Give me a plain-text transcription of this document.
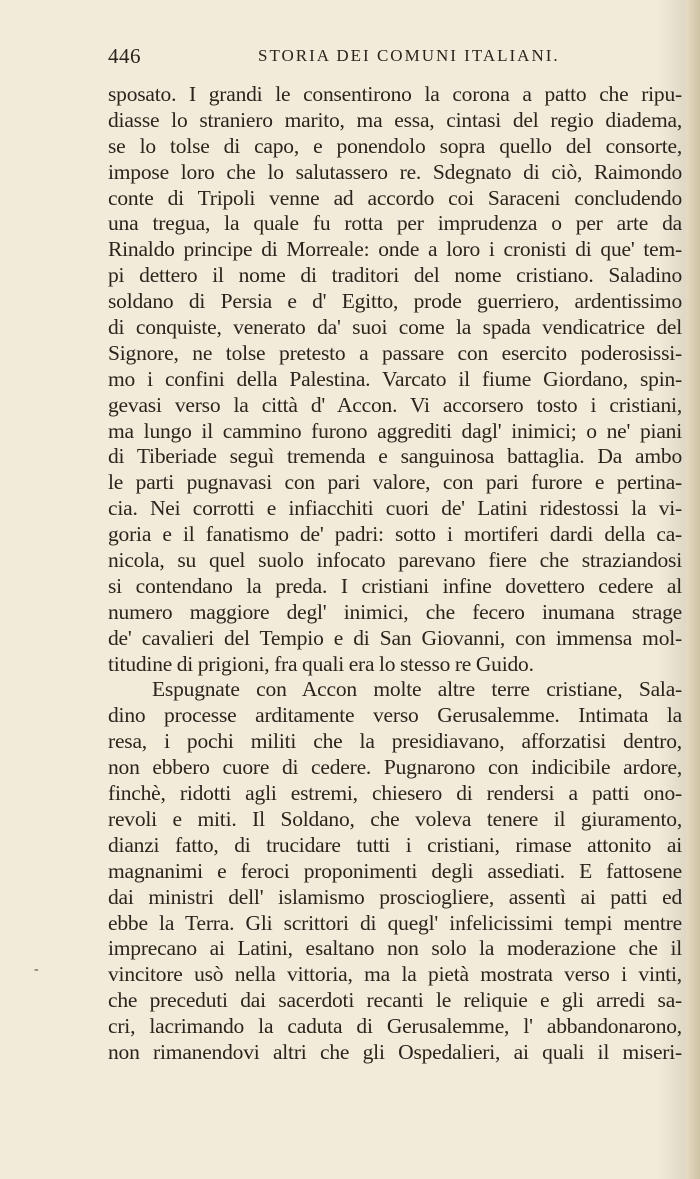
446	STORIA DEI COMUNI ITALIANI.
sposato. I grandi le consentirono la corona a patto che ripu-
diasse lo straniero marito, ma essa, cintasi del regio diadema,
se lo tolse di capo, e ponendolo sopra quello del consorte,
impose loro che lo salutassero re. Sdegnato di ciò, Raimondo
conte di Tripoli venne ad accordo coi Saraceni concludendo
una tregua, la quale fu rotta per imprudenza o per arte da
Rinaldo principe di Morreale: onde a loro i cronisti di que' tem-
pi dettero il nome di traditori del nome cristiano. Saladino
soldano di Persia e d' Egitto, prode guerriero, ardentissimo
di conquiste, venerato da' suoi come la spada vendicatrice del
Signore, ne tolse pretesto a passare con esercito poderosissi-
mo i confini della Palestina. Varcato il fiume Giordano, spin-
gevasi verso la città d' Accon. Vi accorsero tosto i cristiani,
ma lungo il cammino furono aggrediti dagl' inimici; o ne' piani
di Tiberiade seguì tremenda e sanguinosa battaglia. Da ambo
le parti pugnavasi con pari valore, con pari furore e pertina-
cia. Nei corrotti e infiacchiti cuori de' Latini ridestossi la vi-
goria e il fanatismo de' padri: sotto i mortiferi dardi della ca-
nicola, su quel suolo infocato parevano fiere che straziandosi
si contendano la preda. I cristiani infine dovettero cedere al
numero maggiore degl' inimici, che fecero inumana strage
de' cavalieri del Tempio e di San Giovanni, con immensa mol-
titudine di prigioni, fra quali era lo stesso re Guido.
Espugnate con Accon molte altre terre cristiane, Sala-
dino processe arditamente verso Gerusalemme. Intimata la
resa, i pochi militi che la presidiavano, afforzatisi dentro,
non ebbero cuore di cedere. Pugnarono con indicibile ardore,
finchè, ridotti agli estremi, chiesero di rendersi a patti ono-
revoli e miti. Il Soldano, che voleva tenere il giuramento,
dianzi fatto, di trucidare tutti i cristiani, rimase attonito ai
magnanimi e feroci proponimenti degli assediati. E fattosene
dai ministri dell' islamismo prosciogliere, assentì ai patti ed
ebbe la Terra. Gli scrittori di quegl' infelicissimi tempi mentre
imprecano ai Latini, esaltano non solo la moderazione che il
vincitore usò nella vittoria, ma la pietà mostrata verso i vinti,
che preceduti dai sacerdoti recanti le reliquie e gli arredi sa-
cri, lacrimando la caduta di Gerusalemme, l' abbandonarono,
non rimanendovi altri che gli Ospedalieri, ai quali il miseri-
-
